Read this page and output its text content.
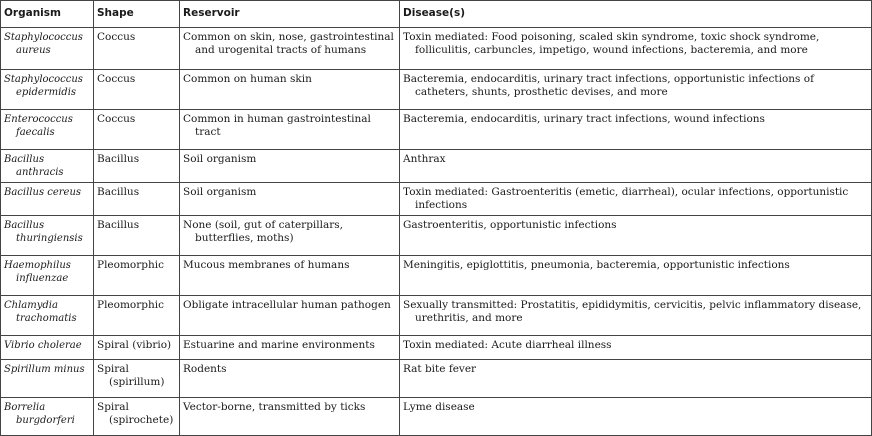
Organism	Shape	Reservoir	Disease(s)

Staphylococcus aureus	Coccus	Common on skin, nose, gastrointestinal and urogenital tracts of humans	Toxin mediated: Food poisoning, scaled skin syndrome, toxic shock syndrome, folliculitis, carbuncles, impetigo, wound infections, bacteremia, and more

Staphylococcus epidermidis	Coccus	Common on human skin	Bacteremia, endocarditis, urinary tract infections, opportunistic infections of catheters, shunts, prosthetic devises, and more

Enterococcus faecalis	Coccus	Common in human gastrointestinal tract	Bacteremia, endocarditis, urinary tract infections, wound infections

Bacillus anthracis	Bacillus	Soil organism	Anthrax

Bacillus cereus	Bacillus	Soil organism	Toxin mediated: Gastroenteritis (emetic, diarrheal), ocular infections, opportunistic infections

Bacillus thuringiensis	Bacillus	None (soil, gut of caterpillars, butterflies, moths)	Gastroenteritis, opportunistic infections

Haemophilus influenzae	Pleomorphic	Mucous membranes of humans	Meningitis, epiglottitis, pneumonia, bacteremia, opportunistic infections

Chlamydia trachomatis	Pleomorphic	Obligate intracellular human pathogen	Sexually transmitted: Prostatitis, epididymitis, cervicitis, pelvic inflammatory disease, urethritis, and more

Vibrio cholerae	Spiral (vibrio)	Estuarine and marine environments	Toxin mediated: Acute diarrheal illness

Spirillum minus	Spiral (spirillum)	Rodents	Rat bite fever

Borrelia burgdorferi	Spiral (spirochete)	Vector-borne, transmitted by ticks	Lyme disease
